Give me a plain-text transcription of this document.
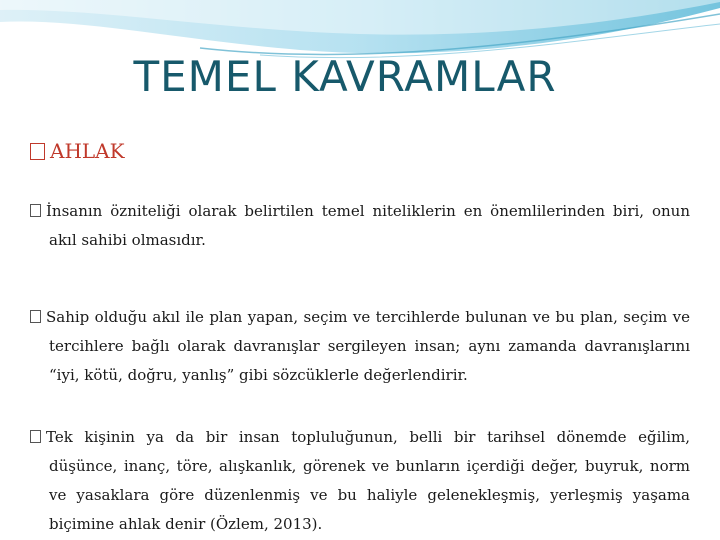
TEMEL KAVRAMLAR
AHLAK
İnsanın özniteliği olarak belirtilen temel niteliklerin en önemlilerinden biri, onun
akıl sahibi olmasıdır.
Sahip olduğu akıl ile plan yapan, seçim ve tercihlerde bulunan ve bu plan, seçim ve
tercihlere bağlı olarak davranışlar sergileyen insan; aynı zamanda davranışlarını
“iyi, kötü, doğru, yanlış” gibi sözcüklerle değerlendirir.
Tek kişinin ya da bir insan topluluğunun, belli bir tarihsel dönemde eğilim,
düşünce, inanç, töre, alışkanlık, görenek ve bunların içerdiği değer, buyruk, norm
ve yasaklara göre düzenlenmiş ve bu haliyle gelenekleşmiş, yerleşmiş yaşama
biçimine ahlak denir (Özlem, 2013).
